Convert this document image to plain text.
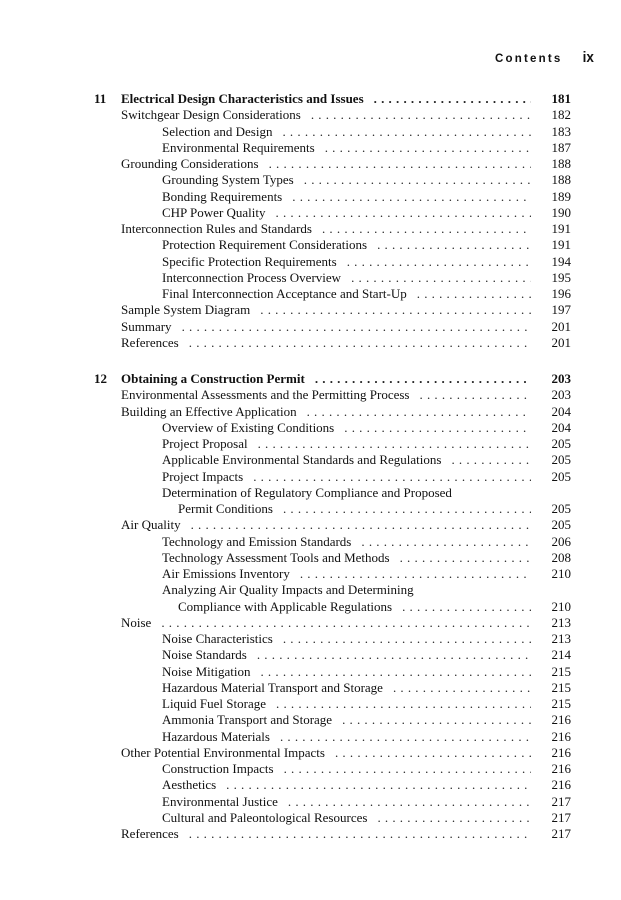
Contents ix
11 Electrical Design Characteristics and Issues .....	181
Switchgear Design Considerations .....	182
Selection and Design .....	183
Environmental Requirements .....	187
Grounding Considerations .....	188
Grounding System Types .....	188
Bonding Requirements .....	189
CHP Power Quality .....	190
Interconnection Rules and Standards .....	191
Protection Requirement Considerations .....	191
Specific Protection Requirements .....	194
Interconnection Process Overview .....	195
Final Interconnection Acceptance and Start-Up .....	196
Sample System Diagram .....	197
Summary .....	201
References .....	201
12 Obtaining a Construction Permit .....	203
Environmental Assessments and the Permitting Process .....	203
Building an Effective Application .....	204
Overview of Existing Conditions .....	204
Project Proposal .....	205
Applicable Environmental Standards and Regulations .....	205
Project Impacts .....	205
Determination of Regulatory Compliance and Proposed
Permit Conditions .....	205
Air Quality .....	205
Technology and Emission Standards .....	206
Technology Assessment Tools and Methods .....	208
Air Emissions Inventory .....	210
Analyzing Air Quality Impacts and Determining
Compliance with Applicable Regulations .....	210
Noise .....	213
Noise Characteristics .....	213
Noise Standards .....	214
Noise Mitigation .....	215
Hazardous Material Transport and Storage .....	215
Liquid Fuel Storage .....	215
Ammonia Transport and Storage .....	216
Hazardous Materials .....	216
Other Potential Environmental Impacts .....	216
Construction Impacts .....	216
Aesthetics .....	216
Environmental Justice .....	217
Cultural and Paleontological Resources .....	217
References .....	217
